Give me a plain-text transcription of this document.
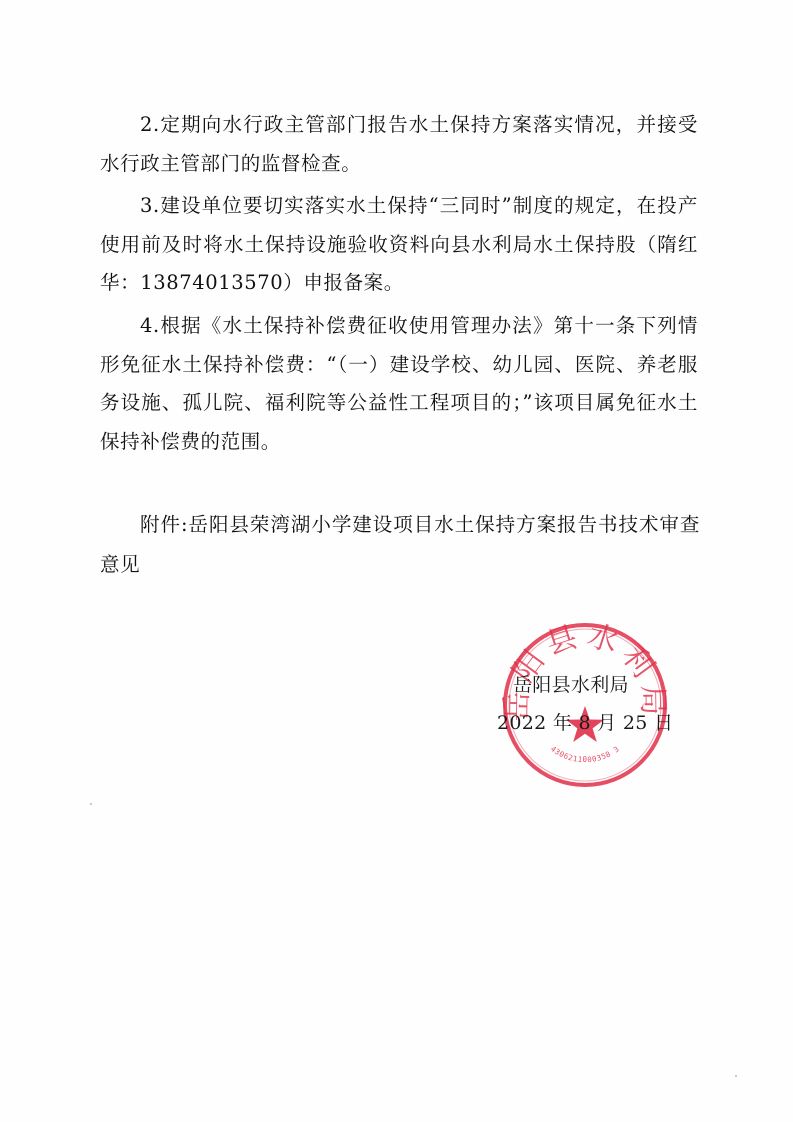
2.定期向水行政主管部门报告水土保持方案落实情况，并接受水行政主管部门的监督检查。

3.建设单位要切实落实水土保持“三同时”制度的规定，在投产使用前及时将水土保持设施验收资料向县水利局水土保持股（隋红华：13874013570）申报备案。

4.根据《水土保持补偿费征收使用管理办法》第十一条下列情形免征水土保持补偿费：“（一）建设学校、幼儿园、医院、养老服务设施、孤儿院、福利院等公益性工程项目的；”该项目属免征水土保持补偿费的范围。

附件:岳阳县荣湾湖小学建设项目水土保持方案报告书技术审查意见

岳阳县水利局
4306211000358 3
岳阳县水利局
2022 年 8 月 25 日
